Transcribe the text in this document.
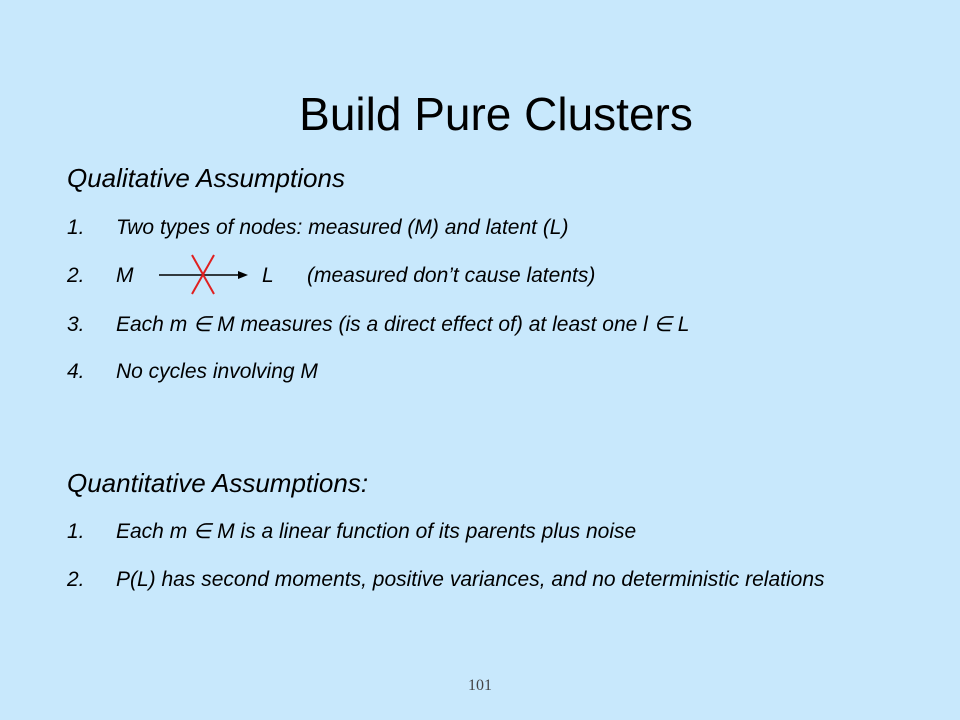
Build Pure Clusters
Qualitative Assumptions
1.	Two types of nodes: measured (M) and latent (L)
2.	M	L (measured don’t cause latents)
3.	Each m ∈ M measures (is a direct effect of) at least one l ∈ L
4.	No cycles involving M
Quantitative Assumptions:
1.	Each m ∈ M is a linear function of its parents plus noise
2.	P(L) has second moments, positive variances, and no deterministic relations
101
